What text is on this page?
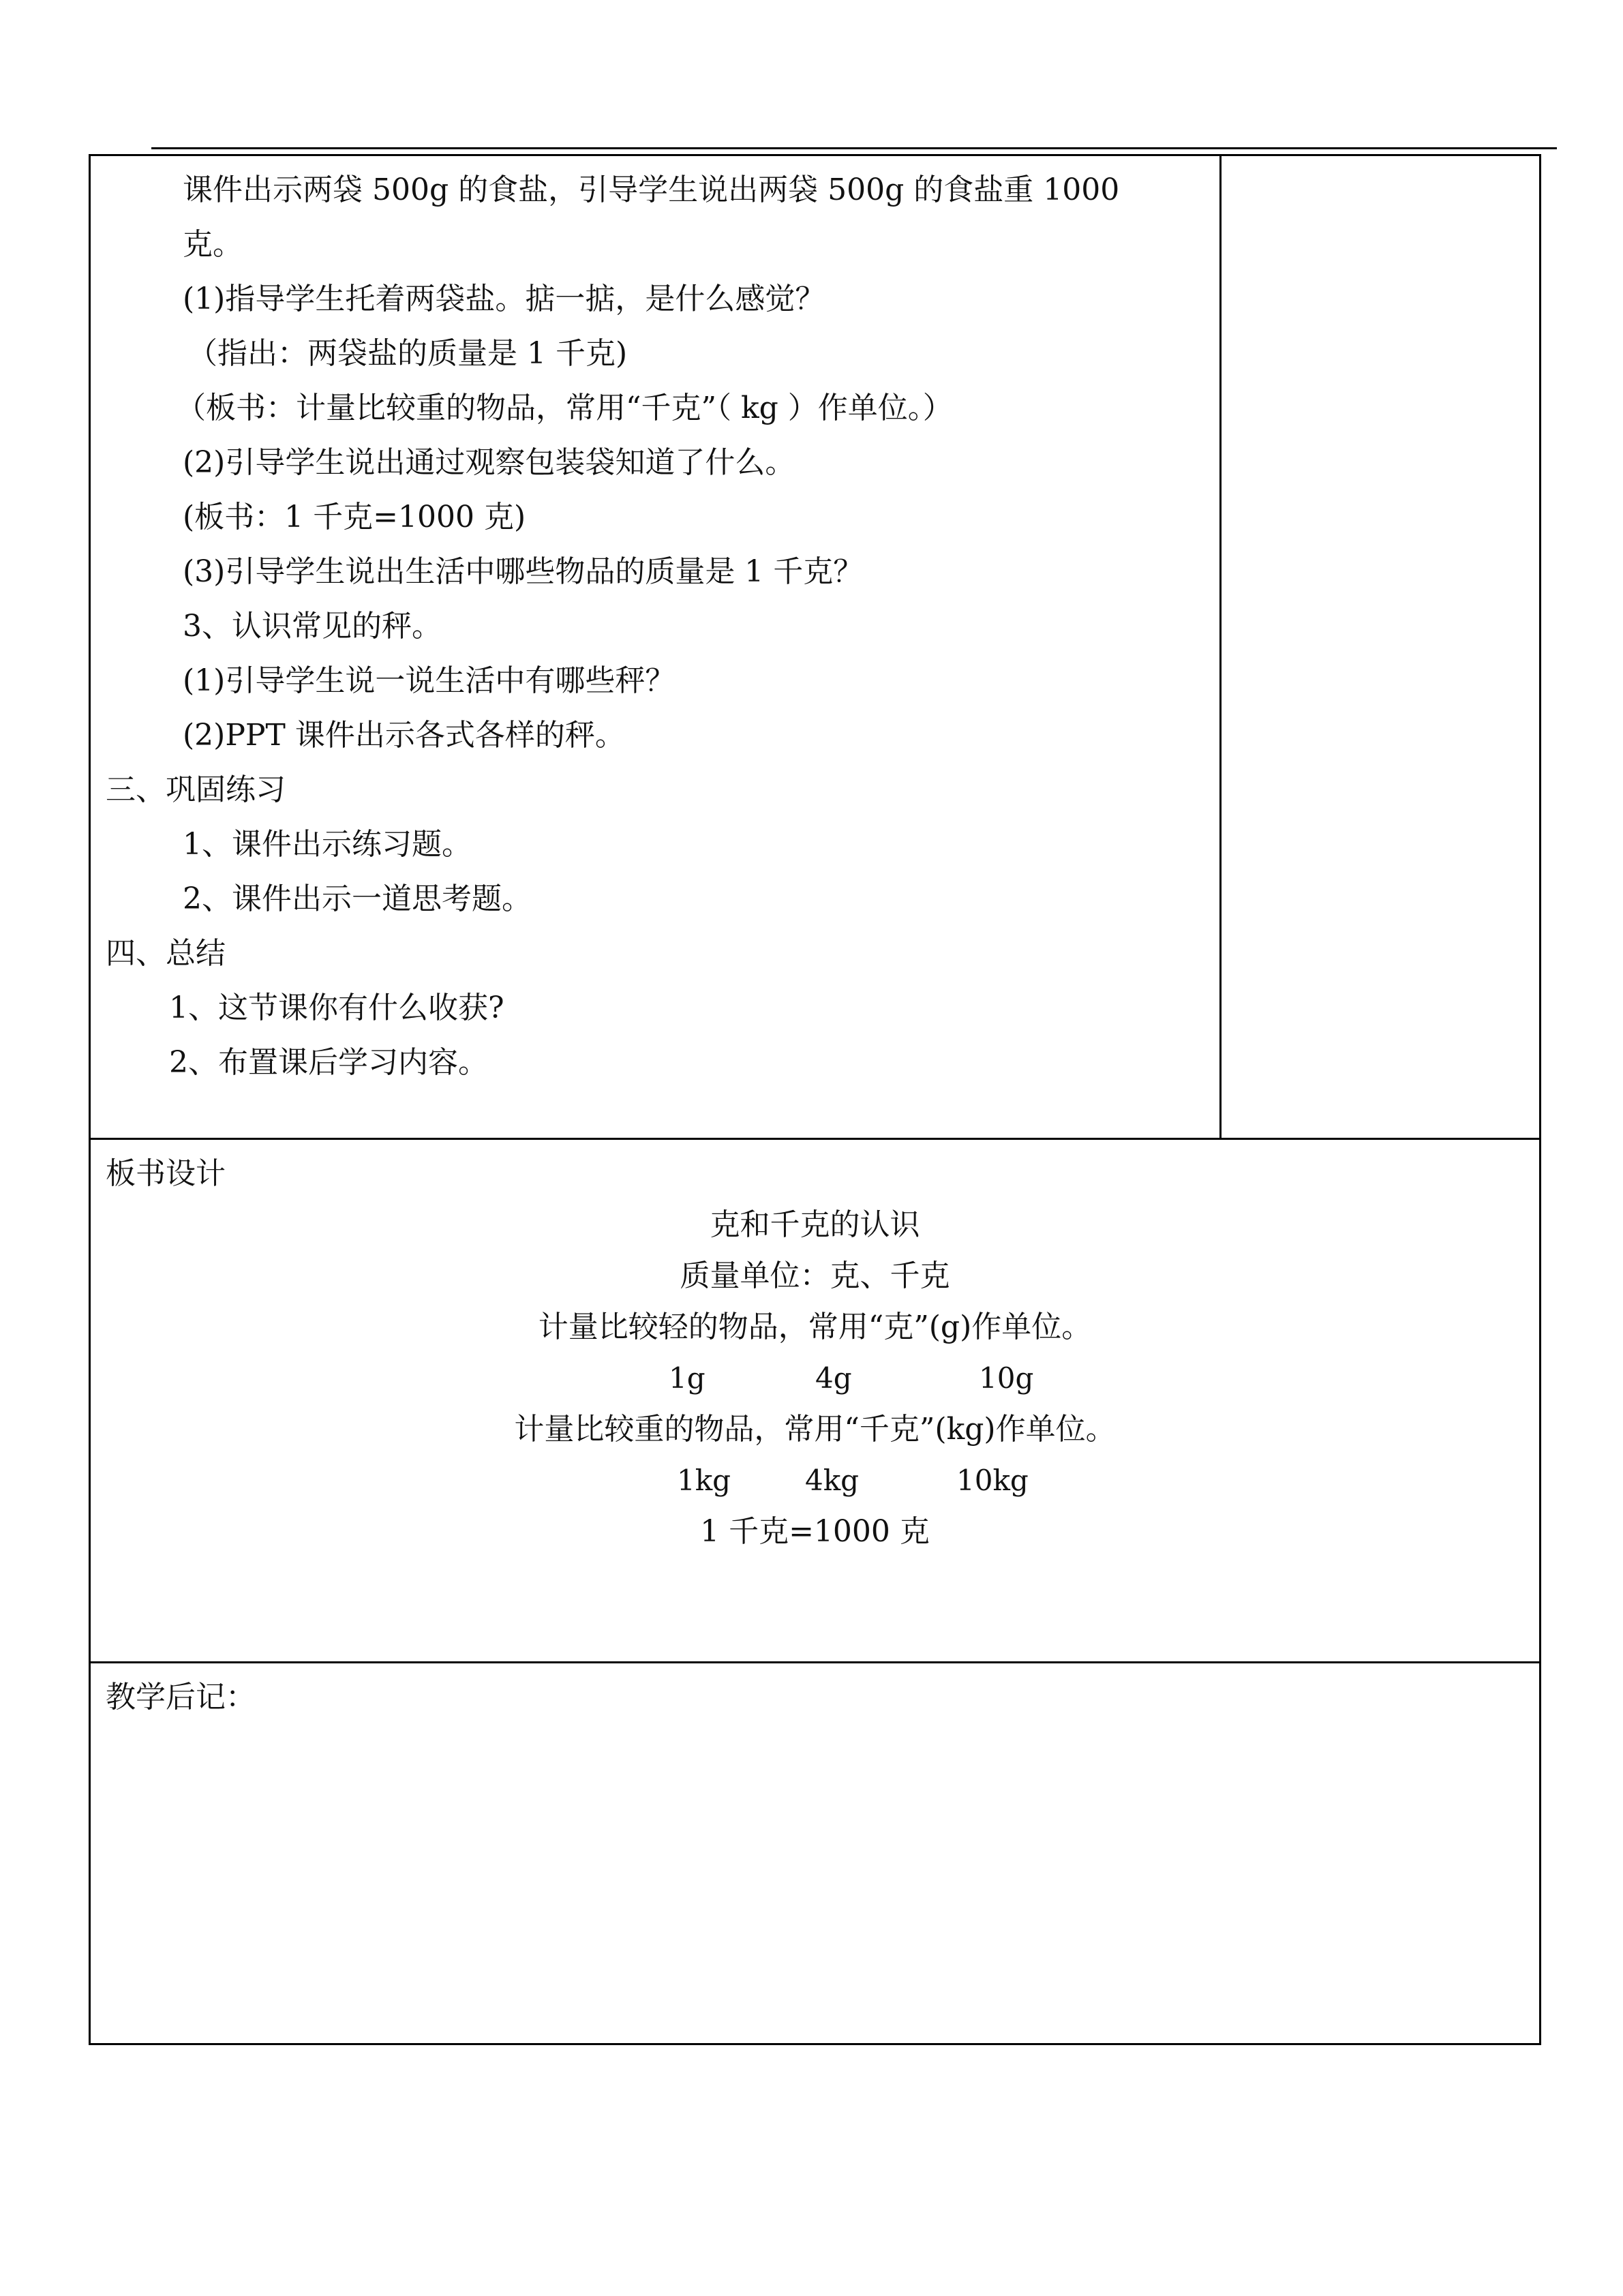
课件出示两袋 500g 的食盐，引导学生说出两袋 500g 的食盐重 1000
克。
(1)指导学生托着两袋盐。掂一掂，是什么感觉？
（指出：两袋盐的质量是 1 千克)
（板书：计量比较重的物品，常用“千克”（ kg ）作单位。）
(2)引导学生说出通过观察包装袋知道了什么。
(板书：1 千克=1000 克)
(3)引导学生说出生活中哪些物品的质量是 1 千克？
3、认识常见的秤。
(1)引导学生说一说生活中有哪些秤？
(2)PPT 课件出示各式各样的秤。
三、巩固练习
1、课件出示练习题。
2、课件出示一道思考题。
四、总结
1、这节课你有什么收获?
2、布置课后学习内容。
板书设计
克和千克的认识
质量单位：克、千克
计量比较轻的物品，常用“克”(g)作单位。
1g	4g	10g
计量比较重的物品，常用“千克”(kg)作单位。
1kg	4kg	10kg
1 千克=1000 克
教学后记：
